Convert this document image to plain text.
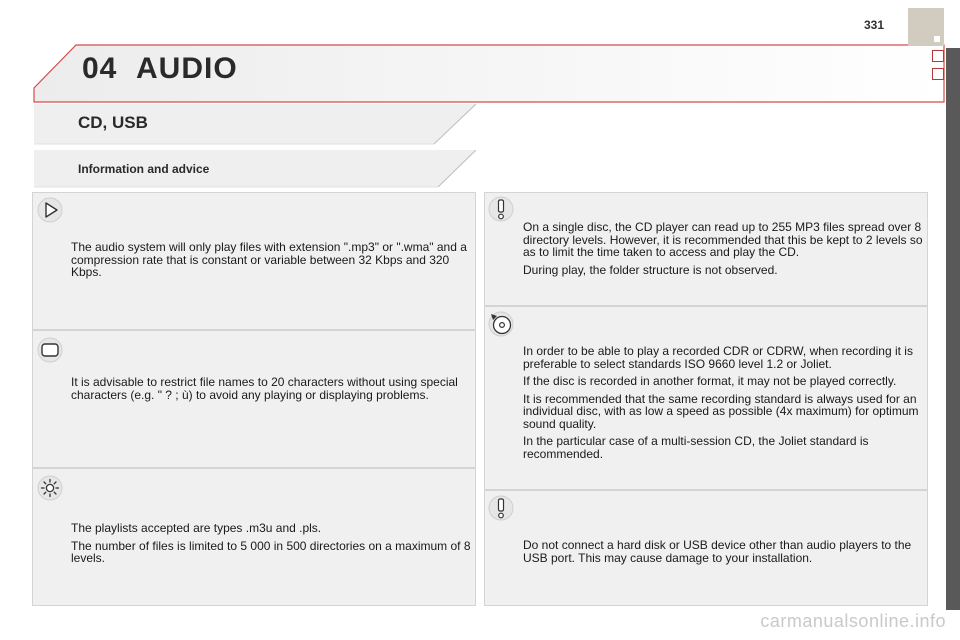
04 AUDIO
331
CD, USB
Information and advice

The audio system will only play files with extension ".mp3" or ".wma" and a compression rate that is constant or variable between 32 Kbps and 320 Kbps.

It is advisable to restrict file names to 20 characters without using special characters (e.g. " ? ; ù) to avoid any playing or displaying problems.

The playlists accepted are types .m3u and .pls.

The number of files is limited to 5 000 in 500 directories on a maximum of 8 levels.

On a single disc, the CD player can read up to 255 MP3 files spread over 8 directory levels. However, it is recommended that this be kept to 2 levels so as to limit the time taken to access and play the CD.

During play, the folder structure is not observed.

In order to be able to play a recorded CDR or CDRW, when recording it is preferable to select standards ISO 9660 level 1.2 or Joliet.

If the disc is recorded in another format, it may not be played correctly.

It is recommended that the same recording standard is always used for an individual disc, with as low a speed as possible (4x maximum) for optimum sound quality.

In the particular case of a multi-session CD, the Joliet standard is recommended.

Do not connect a hard disk or USB device other than audio players to the USB port. This may cause damage to your installation.

carmanualsonline.info
